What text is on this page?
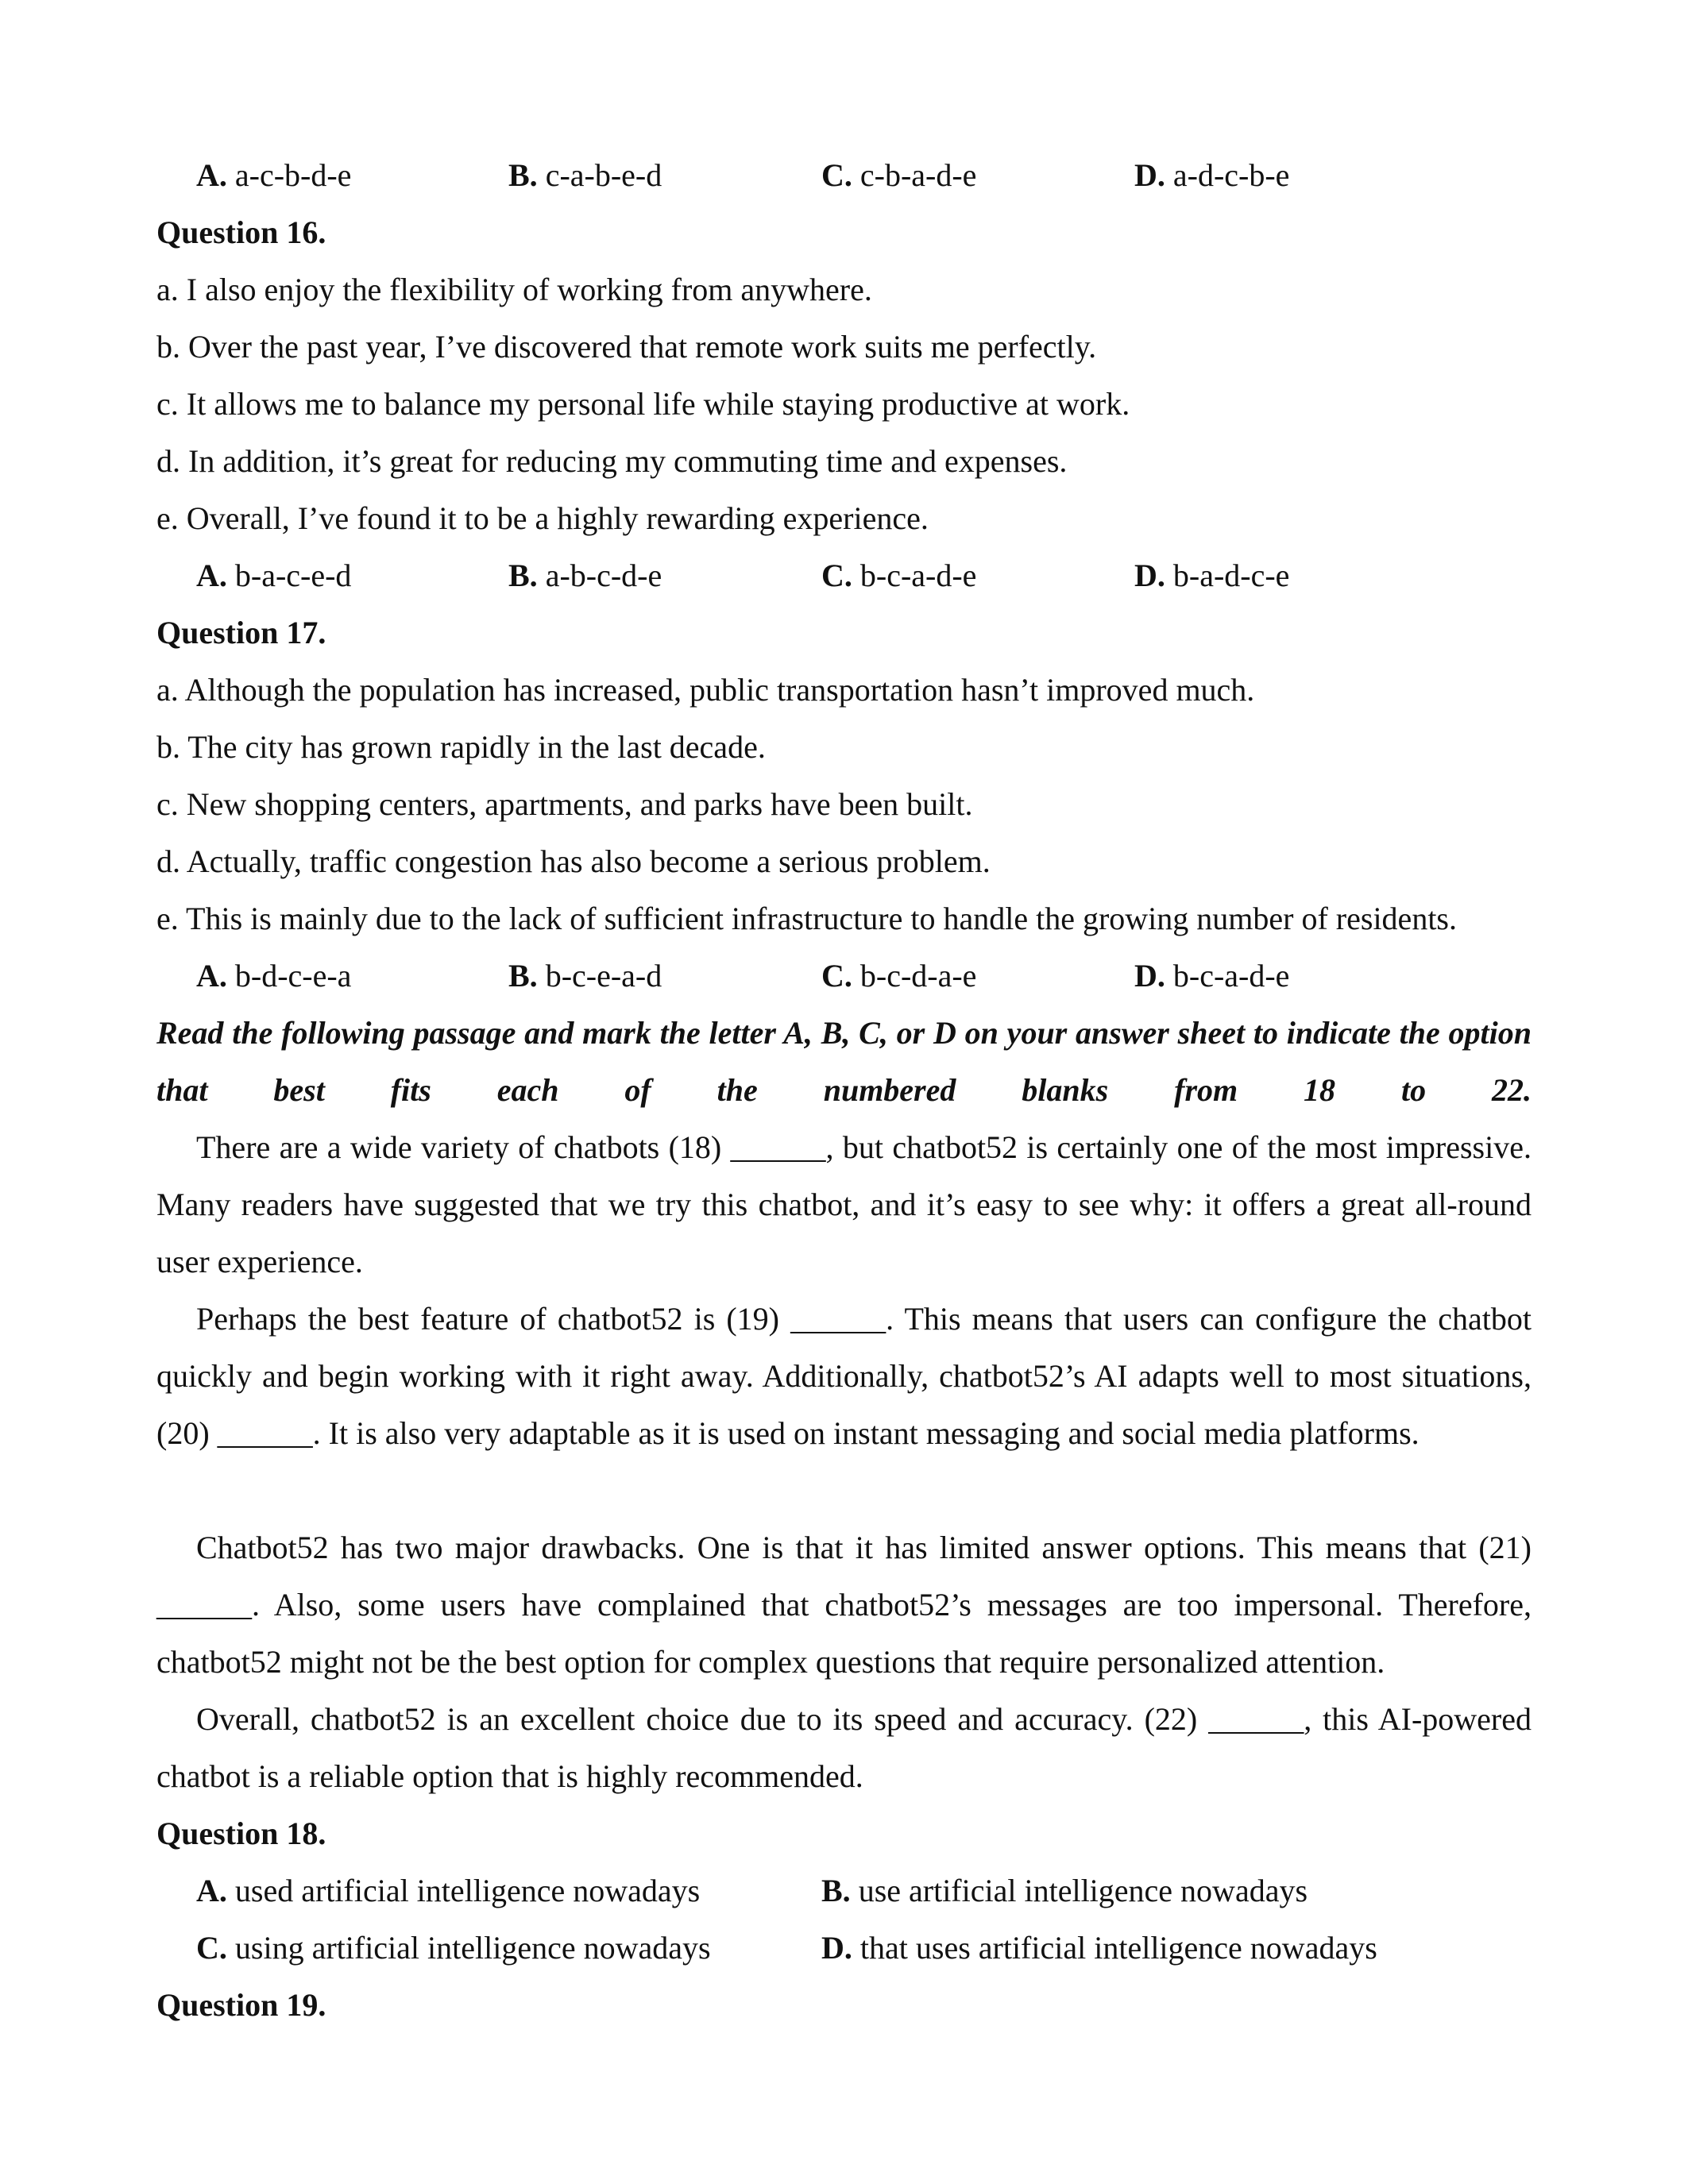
A. a-c-b-d-e	B. c-a-b-e-d	C. c-b-a-d-e	D. a-d-c-b-e
Question 16.
a. I also enjoy the flexibility of working from anywhere.
b. Over the past year, I’ve discovered that remote work suits me perfectly.
c. It allows me to balance my personal life while staying productive at work.
d. In addition, it’s great for reducing my commuting time and expenses.
e. Overall, I’ve found it to be a highly rewarding experience.
A. b-a-c-e-d	B. a-b-c-d-e	C. b-c-a-d-e	D. b-a-d-c-e
Question 17.
a. Although the population has increased, public transportation hasn’t improved much.
b. The city has grown rapidly in the last decade.
c. New shopping centers, apartments, and parks have been built.
d. Actually, traffic congestion has also become a serious problem.
e. This is mainly due to the lack of sufficient infrastructure to handle the growing number of residents.
A. b-d-c-e-a	B. b-c-e-a-d	C. b-c-d-a-e	D. b-c-a-d-e
Read the following passage and mark the letter A, B, C, or D on your answer sheet to indicate the option that best fits each of the numbered blanks from 18 to 22.
There are a wide variety of chatbots (18) ______, but chatbot52 is certainly one of the most impressive. Many readers have suggested that we try this chatbot, and it’s easy to see why: it offers a great all-round user experience.
Perhaps the best feature of chatbot52 is (19) ______. This means that users can configure the chatbot quickly and begin working with it right away. Additionally, chatbot52’s AI adapts well to most situations, (20) ______. It is also very adaptable as it is used on instant messaging and social media platforms.
Chatbot52 has two major drawbacks. One is that it has limited answer options. This means that (21) ______. Also, some users have complained that chatbot52’s messages are too impersonal. Therefore, chatbot52 might not be the best option for complex questions that require personalized attention.
Overall, chatbot52 is an excellent choice due to its speed and accuracy. (22) ______, this AI-powered chatbot is a reliable option that is highly recommended.
Question 18.
A. used artificial intelligence nowadays	B. use artificial intelligence nowadays
C. using artificial intelligence nowadays	D. that uses artificial intelligence nowadays
Question 19.
